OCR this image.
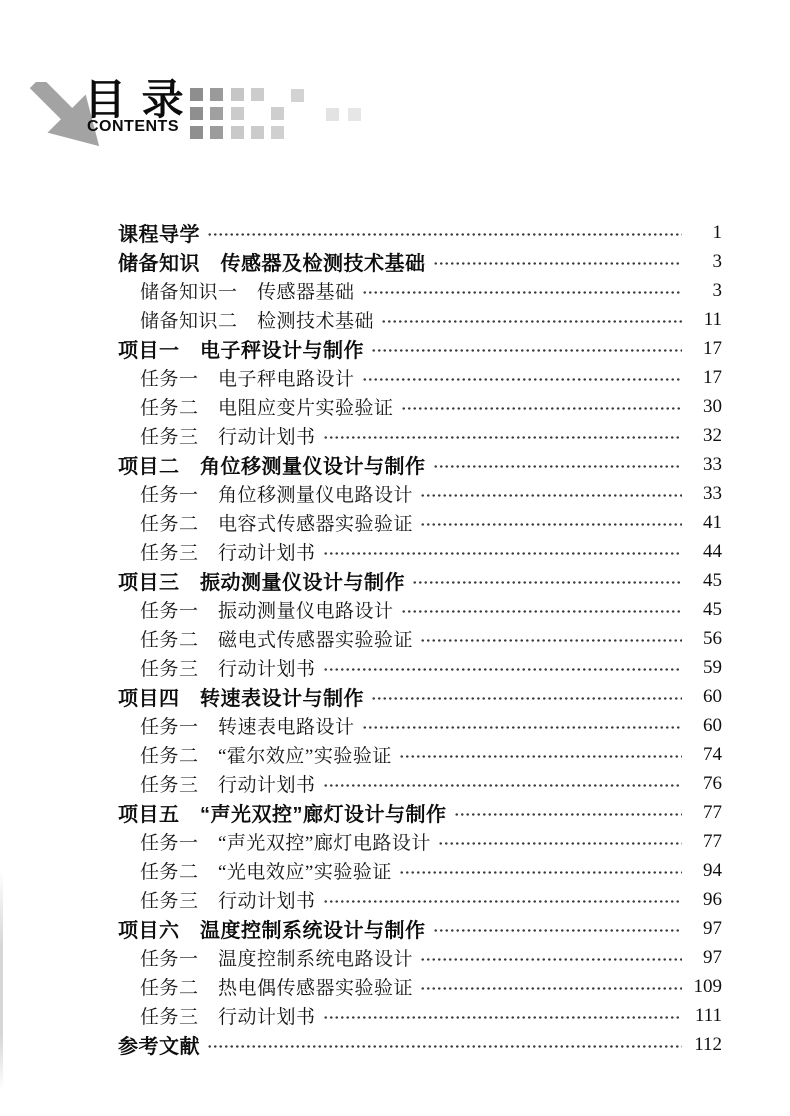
目 录
CONTENTS
课程导学	1
储备知识　传感器及检测技术基础	3
储备知识一　传感器基础	3
储备知识二　检测技术基础	11
项目一　电子秤设计与制作	17
任务一　电子秤电路设计	17
任务二　电阻应变片实验验证	30
任务三　行动计划书	32
项目二　角位移测量仪设计与制作	33
任务一　角位移测量仪电路设计	33
任务二　电容式传感器实验验证	41
任务三　行动计划书	44
项目三　振动测量仪设计与制作	45
任务一　振动测量仪电路设计	45
任务二　磁电式传感器实验验证	56
任务三　行动计划书	59
项目四　转速表设计与制作	60
任务一　转速表电路设计	60
任务二　“霍尔效应”实验验证	74
任务三　行动计划书	76
项目五　“声光双控”廊灯设计与制作	77
任务一　“声光双控”廊灯电路设计	77
任务二　“光电效应”实验验证	94
任务三　行动计划书	96
项目六　温度控制系统设计与制作	97
任务一　温度控制系统电路设计	97
任务二　热电偶传感器实验验证	109
任务三　行动计划书	111
参考文献	112
